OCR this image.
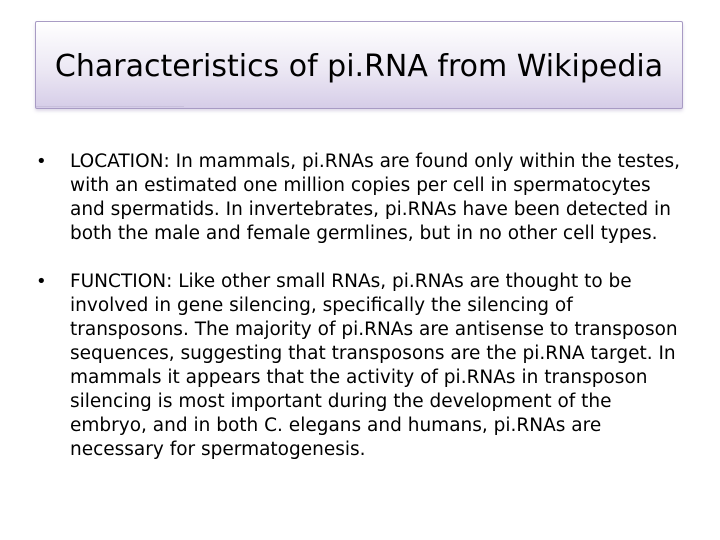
Characteristics of pi.RNA from Wikipedia
•	LOCATION: In mammals, pi.RNAs are found only within the testes, with an estimated one million copies per cell in spermatocytes and spermatids. In invertebrates, pi.RNAs have been detected in both the male and female germlines, but in no other cell types.
•	FUNCTION: Like other small RNAs, pi.RNAs are thought to be involved in gene silencing, specifically the silencing of transposons. The majority of pi.RNAs are antisense to transposon sequences, suggesting that transposons are the pi.RNA target. In mammals it appears that the activity of pi.RNAs in transposon silencing is most important during the development of the embryo, and in both C. elegans and humans, pi.RNAs are necessary for spermatogenesis.
